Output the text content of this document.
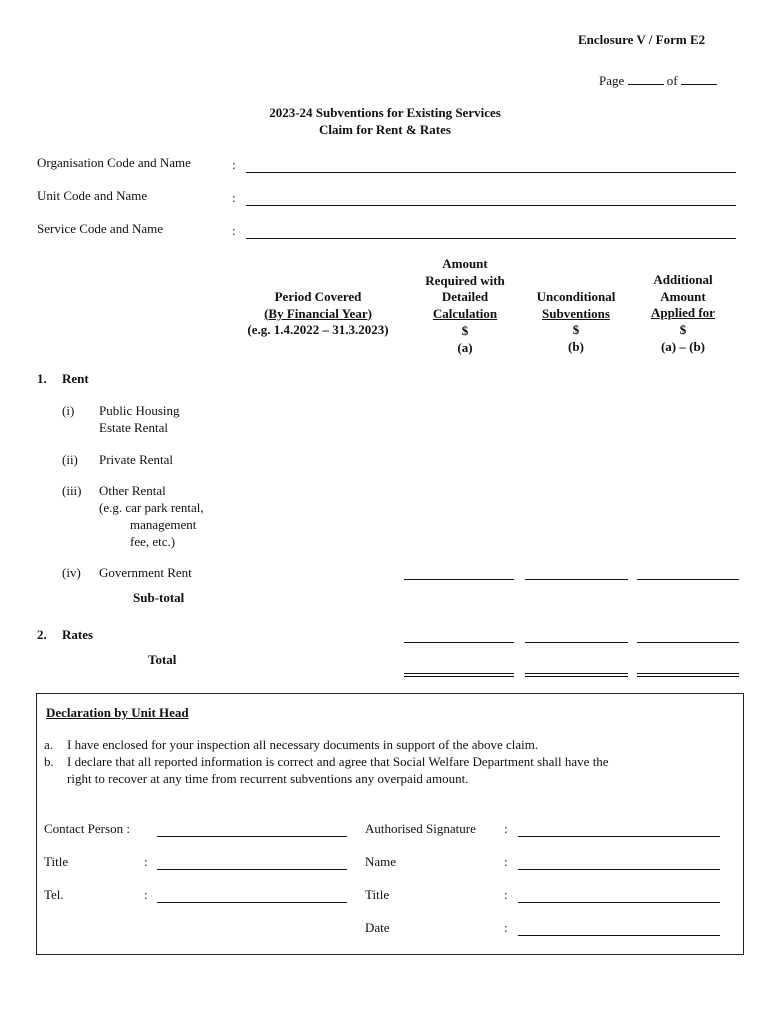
Enclosure V / Form E2
Page	of
2023-24 Subventions for Existing Services
Claim for Rent & Rates
Organisation Code and Name	:
Unit Code and Name	:
Service Code and Name	:
Period Covered
(By Financial Year)
(e.g. 1.4.2022 – 31.3.2023)
Amount
Required with
Detailed
Calculation
$
(a)
Unconditional
Subventions
$
(b)
Additional
Amount
Applied for
$
(a) – (b)
1. Rent
(i) Public Housing
Estate Rental
(ii) Private Rental
(iii) Other Rental
(e.g. car park rental,
management
fee, etc.)
(iv) Government Rent
Sub-total
2. Rates
Total
Declaration by Unit Head
a. I have enclosed for your inspection all necessary documents in support of the above claim.
b. I declare that all reported information is correct and agree that Social Welfare Department shall have the
right to recover at any time from recurrent subventions any overpaid amount.
Contact Person :
Title	:
Tel.	:
Authorised Signature :
Name	:
Title	:
Date	:
